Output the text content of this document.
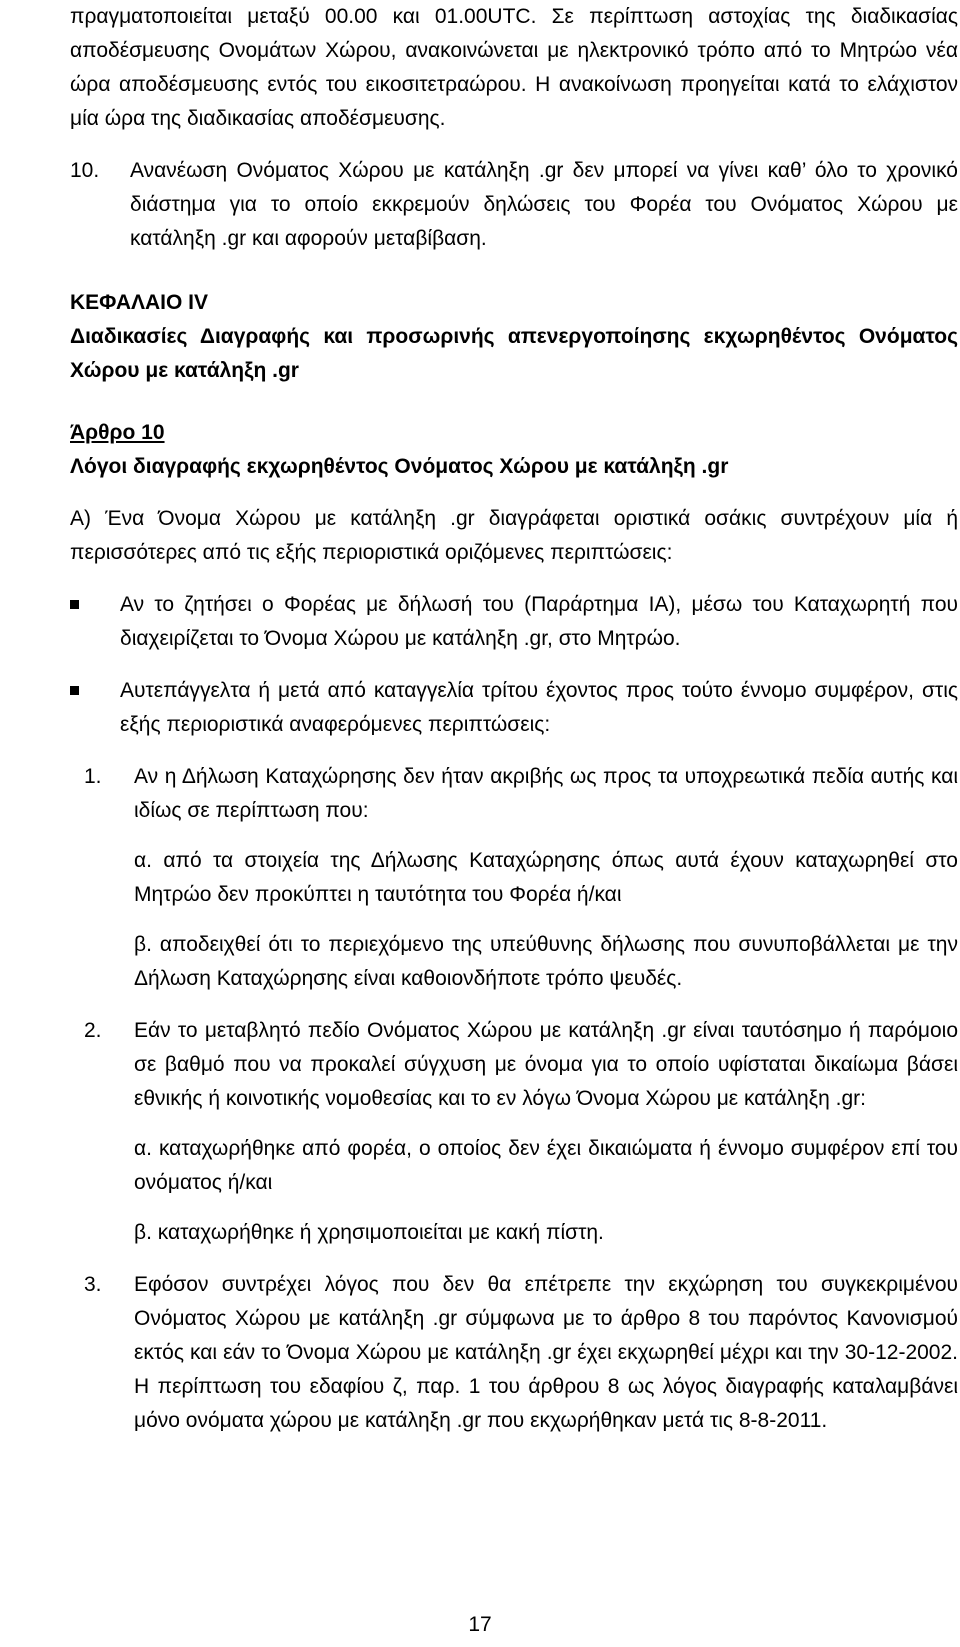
πραγματοποιείται μεταξύ 00.00 και 01.00UTC. Σε περίπτωση αστοχίας της διαδικασίας αποδέσμευσης Ονομάτων Χώρου, ανακοινώνεται με ηλεκτρονικό τρόπο από το Μητρώο νέα ώρα αποδέσμευσης εντός του εικοσιτετραώρου. Η ανακοίνωση προηγείται κατά το ελάχιστον μία ώρα της διαδικασίας αποδέσμευσης.

10.	Ανανέωση Ονόματος Χώρου με κατάληξη .gr δεν μπορεί να γίνει καθ’ όλο το χρονικό διάστημα για το οποίο εκκρεμούν δηλώσεις του Φορέα του Ονόματος Χώρου με κατάληξη .gr και αφορούν μεταβίβαση.
ΚΕΦΑΛΑΙΟ IV

Διαδικασίες Διαγραφής και προσωρινής απενεργοποίησης εκχωρηθέντος Ονόματος Χώρου με κατάληξη .gr

Άρθρο 10
Λόγοι διαγραφής εκχωρηθέντος Ονόματος Χώρου με κατάληξη .gr

Α) Ένα Όνομα Χώρου με κατάληξη .gr διαγράφεται οριστικά οσάκις συντρέχουν μία ή περισσότερες από τις εξής περιοριστικά οριζόμενες περιπτώσεις:

Αν το ζητήσει ο Φορέας με δήλωσή του (Παράρτημα ΙΑ), μέσω του Καταχωρητή που διαχειρίζεται το Όνομα Χώρου με κατάληξη .gr, στο Μητρώο.
Αυτεπάγγελτα ή μετά από καταγγελία τρίτου έχοντος προς τούτο έννομο συμφέρον, στις εξής περιοριστικά αναφερόμενες περιπτώσεις:
1.	Αν η Δήλωση Καταχώρησης δεν ήταν ακριβής ως προς τα υποχρεωτικά πεδία αυτής και ιδίως σε περίπτωση που:

α. από τα στοιχεία της Δήλωσης Καταχώρησης όπως αυτά έχουν καταχωρηθεί στο Μητρώο δεν προκύπτει η ταυτότητα του Φορέα ή/και

β. αποδειχθεί ότι το περιεχόμενο της υπεύθυνης δήλωσης που συνυποβάλλεται με την Δήλωση Καταχώρησης είναι καθοιονδήποτε τρόπο ψευδές.

2.	Εάν το μεταβλητό πεδίο Ονόματος Χώρου με κατάληξη .gr είναι ταυτόσημο ή παρόμοιο σε βαθμό που να προκαλεί σύγχυση με όνομα για το οποίο υφίσταται δικαίωμα βάσει εθνικής ή κοινοτικής νομοθεσίας και το εν λόγω Όνομα Χώρου με κατάληξη .gr:

α. καταχωρήθηκε από φορέα, ο οποίος δεν έχει δικαιώματα ή έννομο συμφέρον επί του ονόματος ή/και

β. καταχωρήθηκε ή χρησιμοποιείται με κακή πίστη.

3.	Εφόσον συντρέχει λόγος που δεν θα επέτρεπε την εκχώρηση του συγκεκριμένου Ονόματος Χώρου με κατάληξη .gr σύμφωνα με το άρθρο 8 του παρόντος Κανονισμού εκτός και εάν το Όνομα Χώρου με κατάληξη .gr έχει εκχωρηθεί μέχρι και την 30-12-2002. Η περίπτωση του εδαφίου ζ, παρ. 1 του άρθρου 8 ως λόγος διαγραφής καταλαμβάνει μόνο ονόματα χώρου με κατάληξη .gr που εκχωρήθηκαν μετά τις 8-8-2011.

17
